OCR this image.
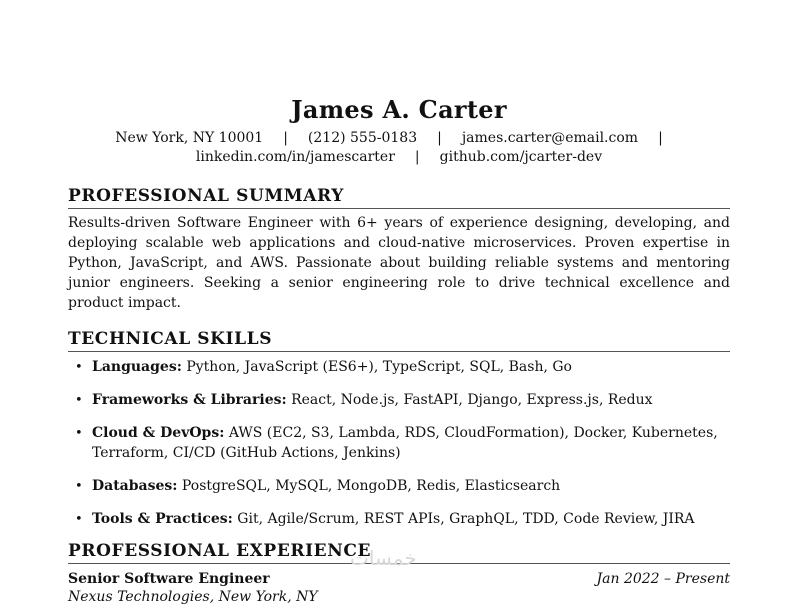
James A. Carter
New York, NY 10001 | (212) 555-0183 | james.carter@email.com |
linkedin.com/in/jamescarter | github.com/jcarter-dev
PROFESSIONAL SUMMARY

Results-driven Software Engineer with 6+ years of experience designing, developing, and deploying scalable web applications and cloud-native microservices. Proven expertise in Python, JavaScript, and AWS. Passionate about building reliable systems and mentoring junior engineers. Seeking a senior engineering role to drive technical excellence and product impact.

TECHNICAL SKILLS
• Languages: Python, JavaScript (ES6+), TypeScript, SQL, Bash, Go
• Frameworks & Libraries: React, Node.js, FastAPI, Django, Express.js, Redux
• Cloud & DevOps: AWS (EC2, S3, Lambda, RDS, CloudFormation), Docker, Kubernetes, Terraform, CI/CD (GitHub Actions, Jenkins)
• Databases: PostgreSQL, MySQL, MongoDB, Redis, Elasticsearch
• Tools & Practices: Git, Agile/Scrum, REST APIs, GraphQL, TDD, Code Review, JIRA
PROFESSIONAL EXPERIENCE
Senior Software Engineer	Jan 2022 – Present
Nexus Technologies, New York, NY
خمسات
